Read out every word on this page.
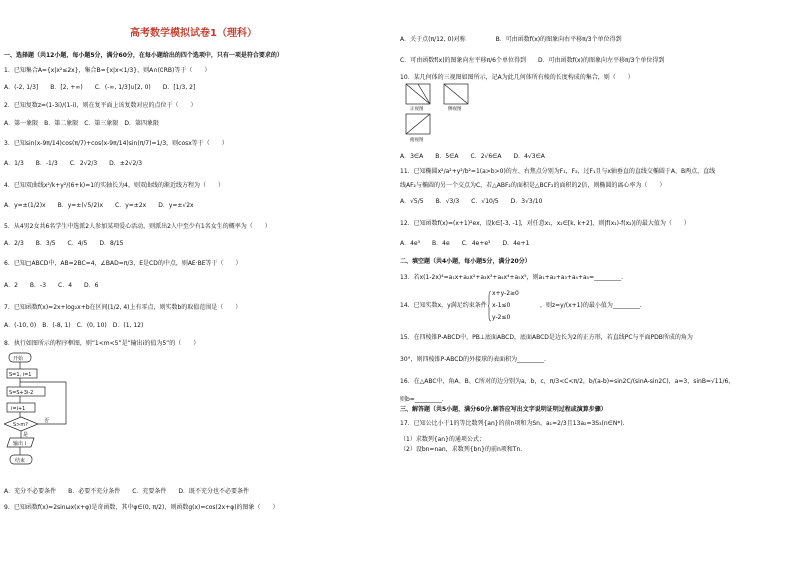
高考数学模拟试卷1（理科）
一、选择题（共12小题，每小题5分，满分60分，在每小题给出的四个选项中，只有一项是符合要求的）
1．已知集合A={x|x²≤2x}，集合B={x|x<1/3}，则A∩(∁RB)等于（　　）
A．(-2, 1/3]　　B．[2, +∞)　　C．(-∞, 1/3]∪[2, 0)　　D．[1/3, 2]
2．已知复数z=(1-3i)/(1-i)，则在复平面上该复数对应的点位于（　　）
A．第一象限　B．第二象限　C．第三象限　D．第四象限
3．已知sin(x-9π/14)cos(π/7)+cos(x-9π/14)sin(π/7)=1/3，则cosx等于（　　）
A．1/3　　B．-1/3　　C．2√2/3　　D．±2√2/3
4．已知双曲线x²/k+y²/(6+k)=1的实轴长为4，则双曲线的渐近线方程为（　　）
A．y=±(1/2)x　　B．y=±(√5/2)x　　C．y=±2x　　D．y=±√2x
5．从4男2女共6名学生中选派2人参加某项爱心活动，则派出2人中至少有1名女生的概率为（　　）
A．2/3　　B．3/5　　C．4/5　　D．8/15
6．已知□ABCD中，AB=2BC=4，∠BAD=π/3，E是CD的中点，则AE·BE等于（　　）
A．2　　B．-3　　C．4　　D．6
7．已知函数f(x)=2x+log₂x+b在区间(1/2, 4)上有零点，则实数b的取值范围是（　　）
A．(-10, 0)　B．(-8, 1)　C．(0, 10)　D．(1, 12)
8．执行如图所示的程序框图，则”1<m<5”是”输出i的值为5”的（　　）
开始
S=1, i=1
S=S+3i-2
i=i+1
S>m?
否
是
输出 i
结束
A．充分不必要条件　　B．必要不充分条件　　C．充要条件　　D．既不充分也不必要条件
9．已知函数f(x)=2sinωx(x+φ)是奇函数，其中φ∈(0, π/2)，则函数g(x)=cos(2x+φ)的图象（　　）
A．关于点(π/12, 0)对称　　　　　B．可由函数f(x)的图象向右平移π/3个单位得到
C．可由函数f(x)的图象向左平移π/6个单位得到　　D．可由函数f(x)的图象向左平移π/3个单位得到
10．某几何体的三视图如图所示，记A为此几何体所有棱的长度构成的集合，则（　　）
正视图	侧视图
俯视图
A．3∈A　　B．5∈A　　C．2√6∈A　　D．4√3∈A
11．已知椭圆x²/a²+y²/b²=1(a>b>0)的左、右焦点分别为F₁，F₂，过F₁且与x轴垂直的直线交椭圆于A、B两点，直线
线AF₂与椭圆的另一个交点为C，若△ABF₂的面积是△BCF₂的面积的2倍，则椭圆的离心率为（　　）
A．√5/5　　B．√3/3　　C．√10/5　　D．3√3/10
12．已知函数f(x)=(x+1)²ex，设k∈[-3, -1]，对任意x₁，x₂∈[k, k+2]，则|f(x₁)-f(x₂)|的最大值为（　　）
A．4e³　　B．4e　　C．4e+e³　　D．4e+1
二、填空题（共4小题，每小题5分，满分20分）
13．若x(1-2x)⁴=a₁x+a₂x²+a₃x³+a₄x⁴+a₅x⁵，则a₁+a₂+a₃+a₄+a₅=_________.
x+y-2≥0
14．已知实数x，y满足约束条件 x-1≤0	，则z=y/(x+1)的最小值为_________.
y-2≤0
15．在四棱锥P-ABCD中，PB⊥底面ABCD，底面ABCD是边长为2的正方形，若直线PC与平面PDB所成的角为
30°，则四棱锥P-ABCD的外接球的表面积为_________.
16．在△ABC中，角A、B、C所对的边分别为a，b，c，π/3<C<π/2，b/(a-b)=sin2C/(sinA-sin2C)，a=3，sinB=√11/6，
则b=_________.
三、解答题（共5小题，满分60分.解答应写出文字说明证明过程或演算步骤）
17．已知公比小于1的等比数列{an}的前n项和为Sn，a₁=2/3且13a₂=3S₃(n∈N*).
（1）求数列{an}的通项公式；
（2）设bn=nan，求数列{bn}的前n项和Tn.
